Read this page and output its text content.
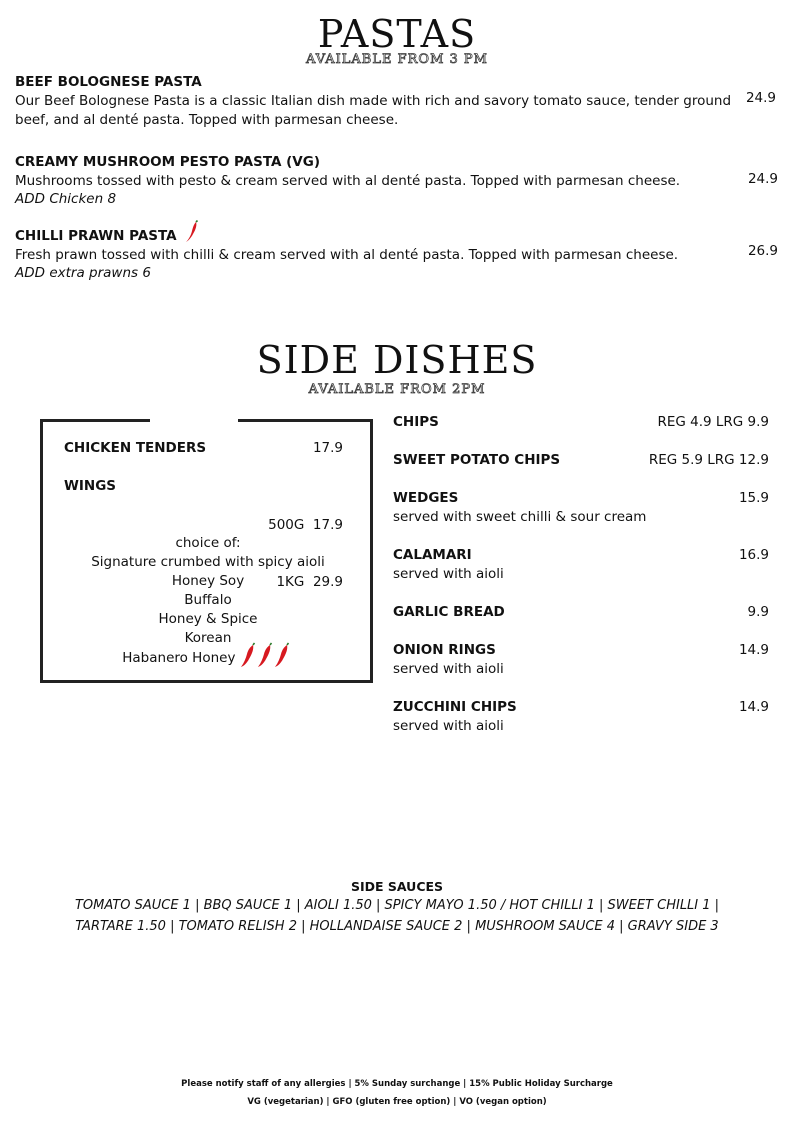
PASTAS
AVAILABLE FROM 3 PM
BEEF BOLOGNESE PASTA
Our Beef Bolognese Pasta is a classic Italian dish made with rich and savory tomato sauce, tender ground
beef, and al denté pasta. Topped with parmesan cheese.
24.9
CREAMY MUSHROOM PESTO PASTA (VG)
Mushrooms tossed with pesto & cream served with al denté pasta. Topped with parmesan cheese.
ADD Chicken 8
24.9
CHILLI PRAWN PASTA
Fresh prawn tossed with chilli & cream served with al denté pasta. Topped with parmesan cheese.
ADD extra prawns 6
26.9
SIDE DISHES
AVAILABLE FROM 2PM
CHICKEN TENDERS	17.9
WINGS

500G  17.9

1KG  29.9

choice of:
Signature crumbed with spicy aioli
Honey Soy
Buffalo
Honey & Spice
Korean
Habanero Honey
CHIPS	REG 4.9 LRG 9.9
SWEET POTATO CHIPS	REG 5.9 LRG 12.9
WEDGES	15.9
served with sweet chilli & sour cream
CALAMARI	16.9
served with aioli
GARLIC BREAD	9.9
ONION RINGS	14.9
served with aioli
ZUCCHINI CHIPS	14.9
served with aioli
SIDE SAUCES
TOMATO SAUCE 1 | BBQ SAUCE 1 | AIOLI 1.50 | SPICY MAYO 1.50 / HOT CHILLI 1 | SWEET CHILLI 1 |
TARTARE 1.50 | TOMATO RELISH 2 | HOLLANDAISE SAUCE 2 | MUSHROOM SAUCE 4 | GRAVY SIDE 3
Please notify staff of any allergies | 5% Sunday surchange | 15% Public Holiday Surcharge
VG (vegetarian) | GFO (gluten free option) | VO (vegan option)
